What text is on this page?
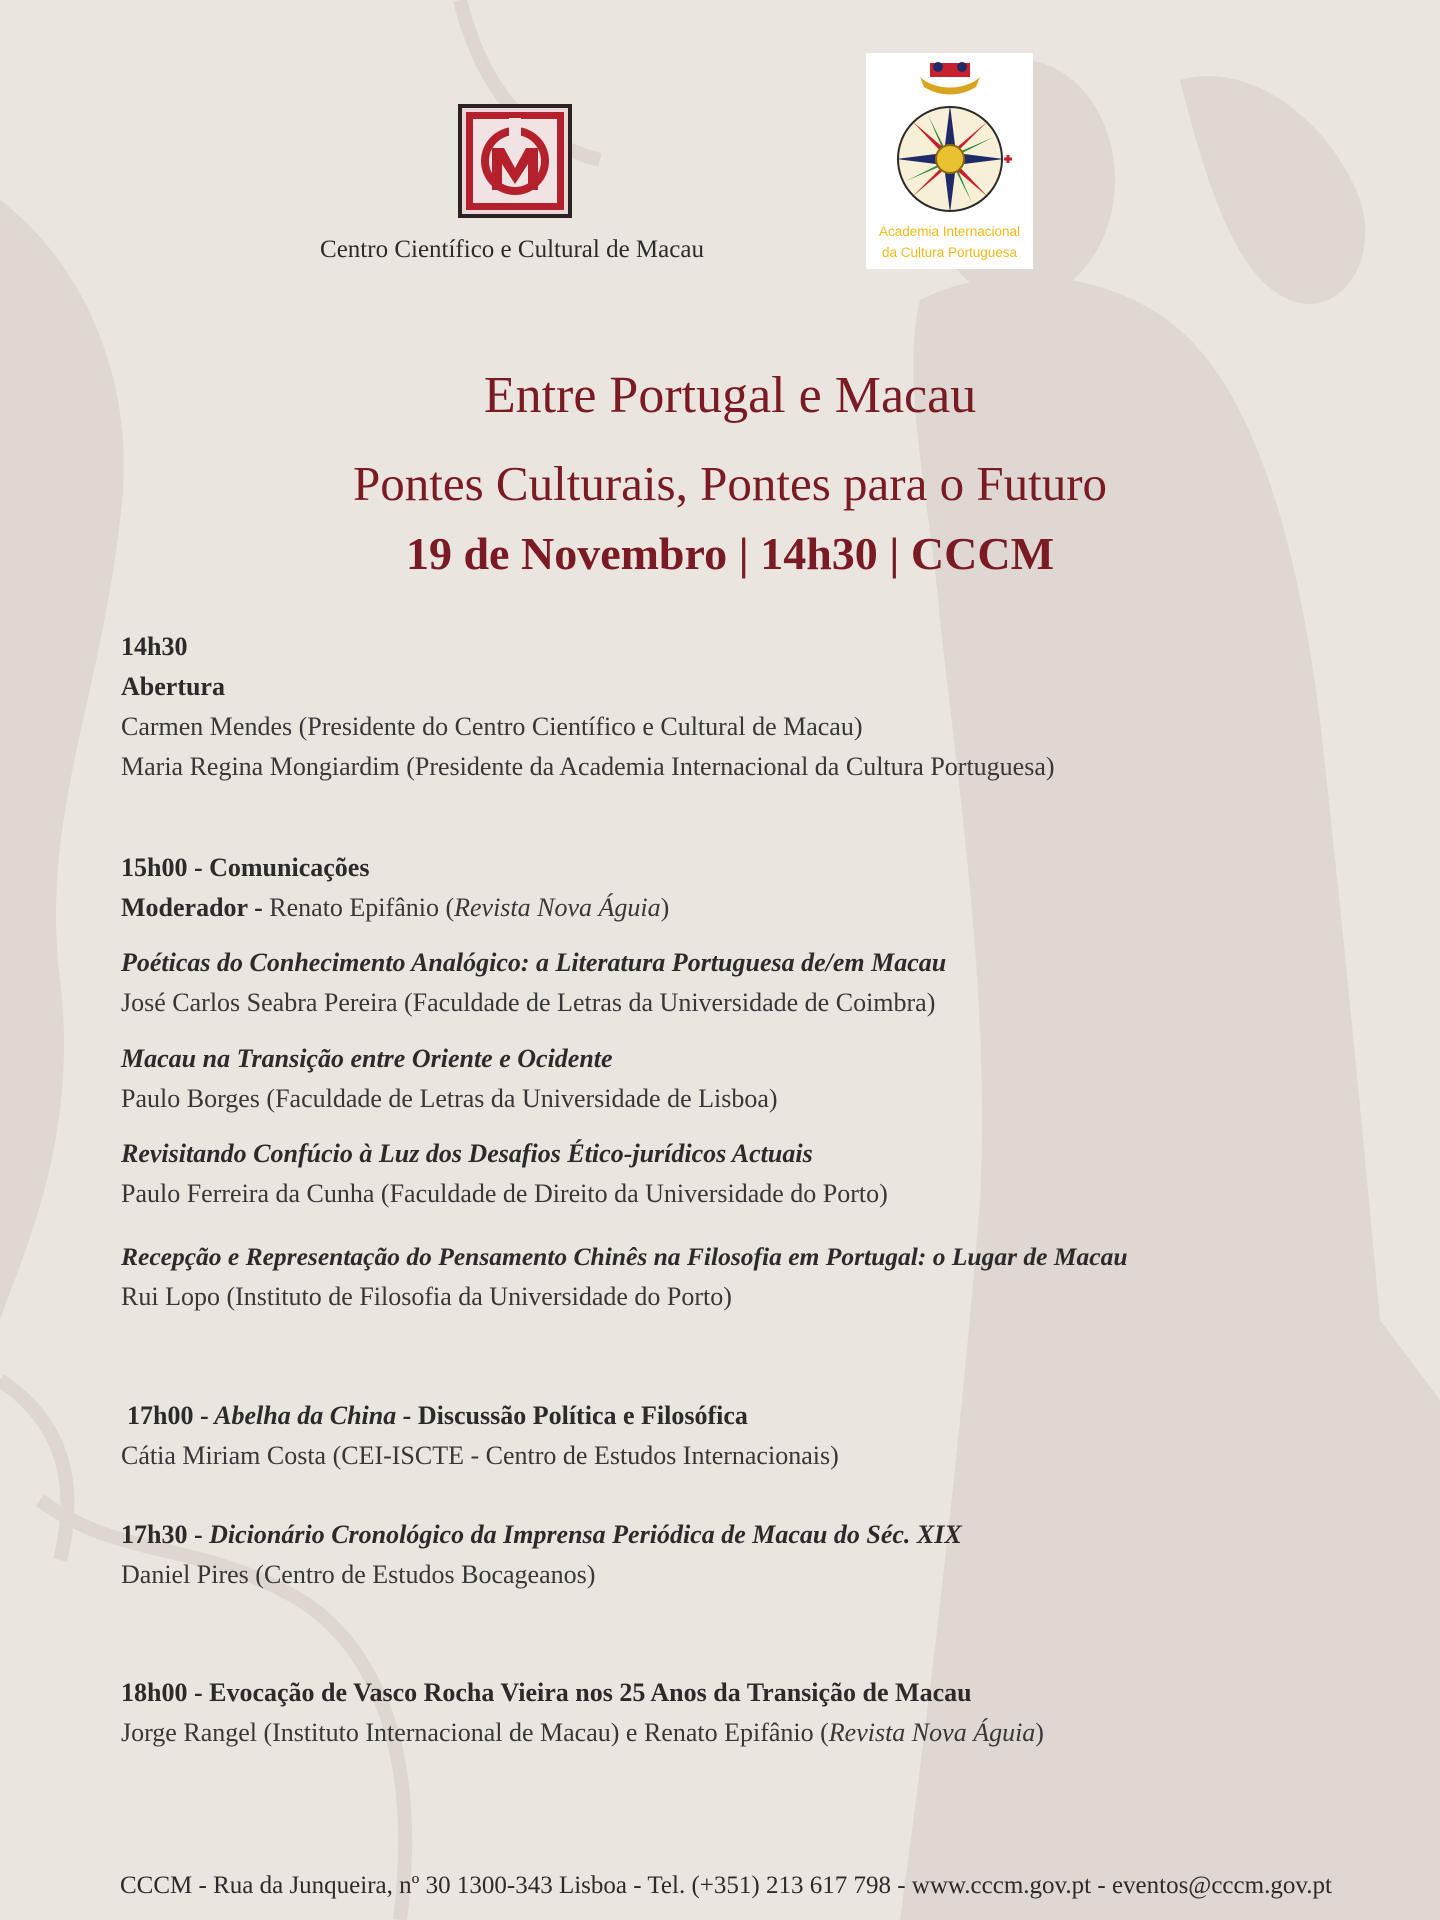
Centro Científico e Cultural de Macau
Academia Internacional
da Cultura Portuguesa
Entre Portugal e Macau
Pontes Culturais, Pontes para o Futuro
19 de Novembro | 14h30 | CCCM
14h30
Abertura
Carmen Mendes (Presidente do Centro Científico e Cultural de Macau)
Maria Regina Mongiardim (Presidente da Academia Internacional da Cultura Portuguesa)
15h00 - Comunicações
Moderador - Renato Epifânio (Revista Nova Águia)
Poéticas do Conhecimento Analógico: a Literatura Portuguesa de/em Macau
José Carlos Seabra Pereira (Faculdade de Letras da Universidade de Coimbra)
Macau na Transição entre Oriente e Ocidente
Paulo Borges (Faculdade de Letras da Universidade de Lisboa)
Revisitando Confúcio à Luz dos Desafios Ético-jurídicos Actuais
Paulo Ferreira da Cunha (Faculdade de Direito da Universidade do Porto)
Recepção e Representação do Pensamento Chinês na Filosofia em Portugal: o Lugar de Macau
Rui Lopo (Instituto de Filosofia da Universidade do Porto)
17h00 - Abelha da China - Discussão Política e Filosófica
Cátia Miriam Costa (CEI-ISCTE - Centro de Estudos Internacionais)
17h30 - Dicionário Cronológico da Imprensa Periódica de Macau do Séc. XIX
Daniel Pires (Centro de Estudos Bocageanos)
18h00 - Evocação de Vasco Rocha Vieira nos 25 Anos da Transição de Macau
Jorge Rangel (Instituto Internacional de Macau) e Renato Epifânio (Revista Nova Águia)
CCCM - Rua da Junqueira, nº 30 1300-343 Lisboa - Tel. (+351) 213 617 798 - www.cccm.gov.pt - eventos@cccm.gov.pt
